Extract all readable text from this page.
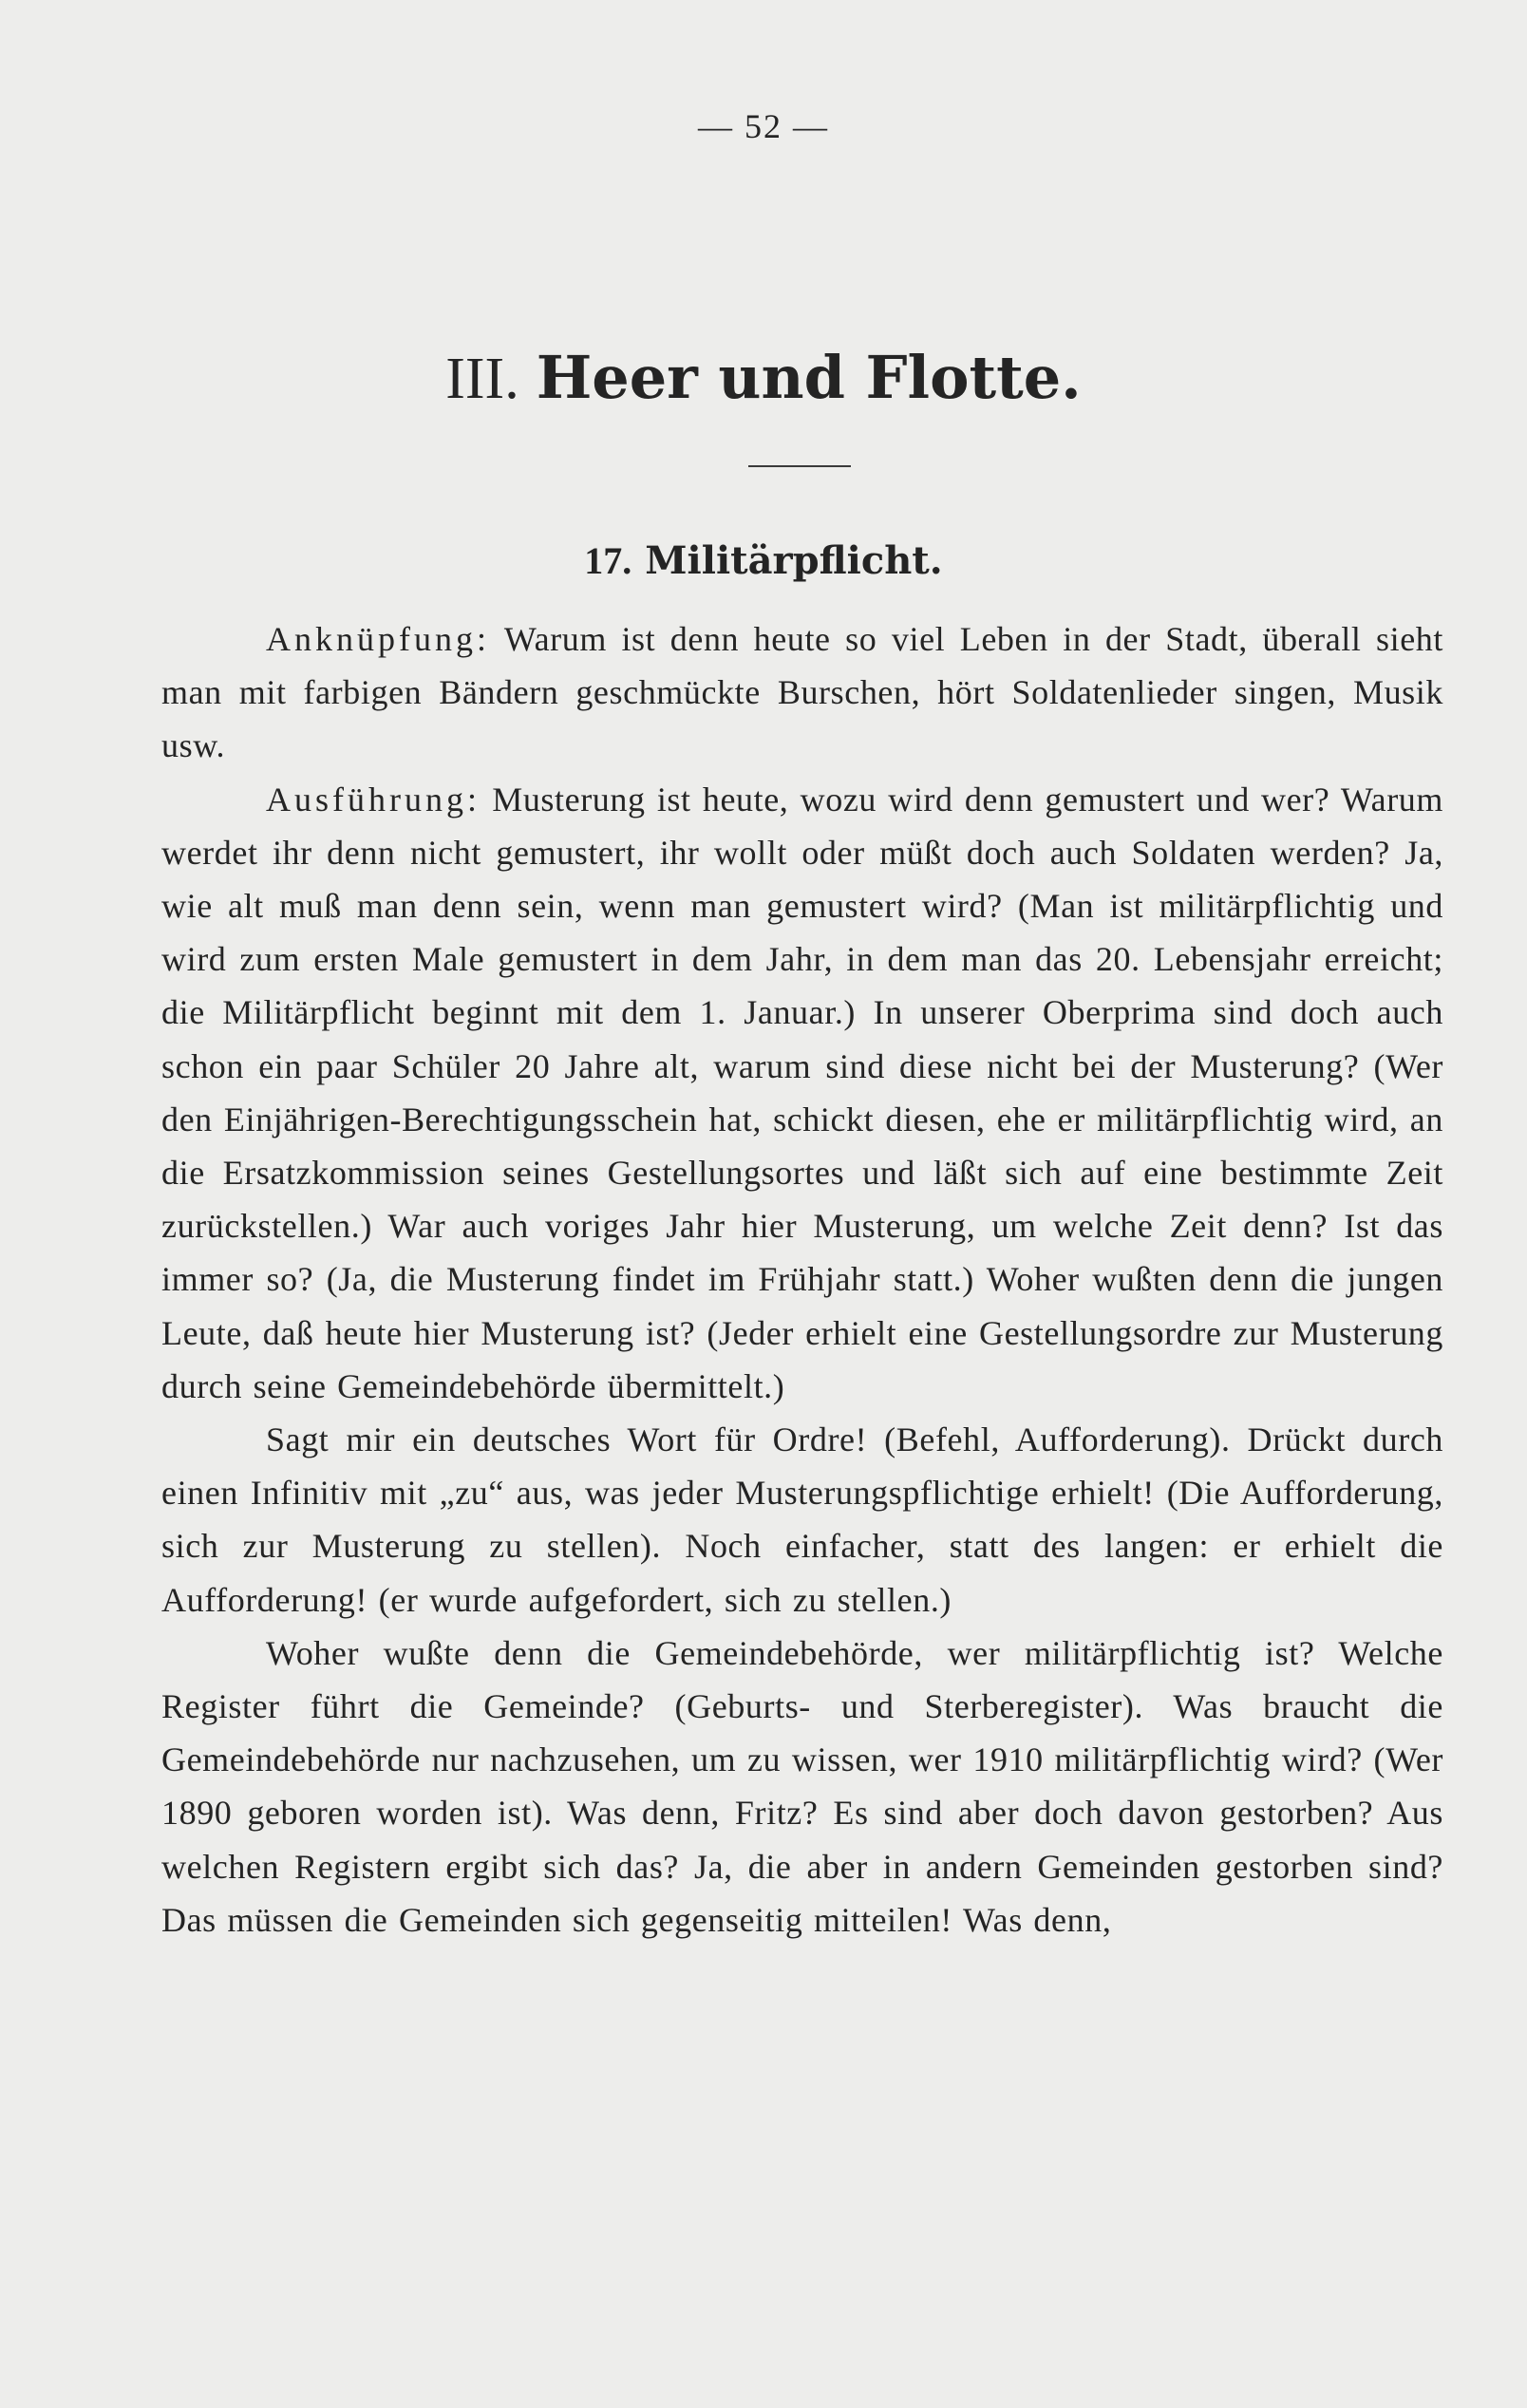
— 52 —
III. Heer und Flotte.
17. Militärpflicht.

Anknüpfung: Warum ist denn heute so viel Leben in der Stadt, überall sieht man mit farbigen Bändern geschmückte Burschen, hört Soldatenlieder singen, Musik usw.

Ausführung: Musterung ist heute, wozu wird denn gemustert und wer? Warum werdet ihr denn nicht gemustert, ihr wollt oder müßt doch auch Soldaten werden? Ja, wie alt muß man denn sein, wenn man gemustert wird? (Man ist militärpflichtig und wird zum ersten Male gemustert in dem Jahr, in dem man das 20. Lebensjahr erreicht; die Militärpflicht beginnt mit dem 1. Januar.) In unserer Oberprima sind doch auch schon ein paar Schüler 20 Jahre alt, warum sind diese nicht bei der Musterung? (Wer den Einjährigen-Berechtigungsschein hat, schickt diesen, ehe er militärpflichtig wird, an die Ersatzkommission seines Gestellungsortes und läßt sich auf eine bestimmte Zeit zurückstellen.) War auch voriges Jahr hier Musterung, um welche Zeit denn? Ist das immer so? (Ja, die Musterung findet im Frühjahr statt.) Woher wußten denn die jungen Leute, daß heute hier Musterung ist? (Jeder erhielt eine Gestellungsordre zur Musterung durch seine Gemeindebehörde übermittelt.)

Sagt mir ein deutsches Wort für Ordre! (Befehl, Aufforderung). Drückt durch einen Infinitiv mit „zu“ aus, was jeder Musterungspflichtige erhielt! (Die Aufforderung, sich zur Musterung zu stellen). Noch einfacher, statt des langen: er erhielt die Aufforderung! (er wurde aufgefordert, sich zu stellen.)

Woher wußte denn die Gemeindebehörde, wer militärpflichtig ist? Welche Register führt die Gemeinde? (Geburts- und Sterberegister). Was braucht die Gemeindebehörde nur nachzusehen, um zu wissen, wer 1910 militärpflichtig wird? (Wer 1890 geboren worden ist). Was denn, Fritz? Es sind aber doch davon gestorben? Aus welchen Registern ergibt sich das? Ja, die aber in andern Gemeinden gestorben sind? Das müssen die Gemeinden sich gegenseitig mitteilen! Was denn,
